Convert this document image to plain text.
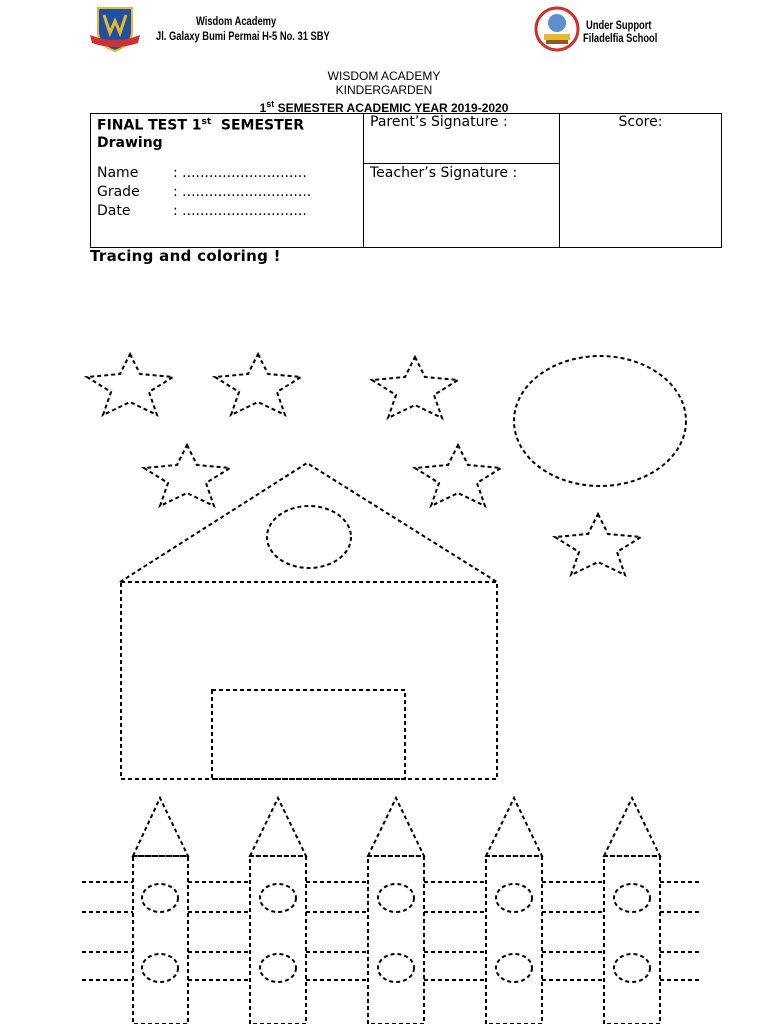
Wisdom Academy
Jl. Galaxy Bumi Permai H-5 No. 31 SBY
Under Support
Filadelfia School
WISDOM ACADEMY
KINDERGARDEN
1st SEMESTER ACADEMIC YEAR 2019-2020
FINAL TEST 1st  SEMESTER
Drawing
Name	: ............................
Grade	: .............................
Date	: ............................

Parent’s Signature :	Score:

Teacher’s Signature :
Tracing and coloring !
